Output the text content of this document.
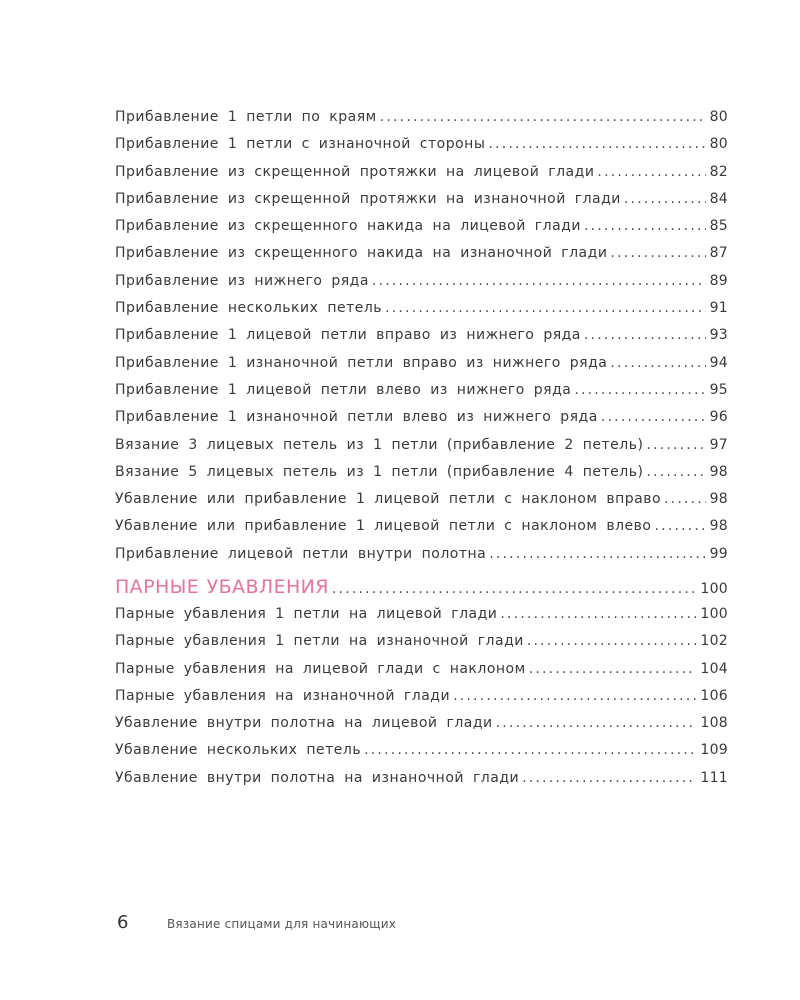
Прибавление 1 петли по краям .....	80
Прибавление 1 петли с изнаночной стороны .....	80
Прибавление из скрещенной протяжки на лицевой глади .....	82
Прибавление из скрещенной протяжки на изнаночной глади .....	84
Прибавление из скрещенного накида на лицевой глади .....	85
Прибавление из скрещенного накида на изнаночной глади .....	87
Прибавление из нижнего ряда .....	89
Прибавление нескольких петель .....	91
Прибавление 1 лицевой петли вправо из нижнего ряда .....	93
Прибавление 1 изнаночной петли вправо из нижнего ряда .....	94
Прибавление 1 лицевой петли влево из нижнего ряда .....	95
Прибавление 1 изнаночной петли влево из нижнего ряда .....	96
Вязание 3 лицевых петель из 1 петли (прибавление 2 петель) .....	97
Вязание 5 лицевых петель из 1 петли (прибавление 4 петель) .....	98
Убавление или прибавление 1 лицевой петли с наклоном вправо .....	98
Убавление или прибавление 1 лицевой петли с наклоном влево .....	98
Прибавление лицевой петли внутри полотна .....	99
ПАРНЫЕ УБАВЛЕНИЯ .....	100
Парные убавления 1 петли на лицевой глади .....	100
Парные убавления 1 петли на изнаночной глади .....	102
Парные убавления на лицевой глади с наклоном .....	104
Парные убавления на изнаночной глади .....	106
Убавление внутри полотна на лицевой глади .....	108
Убавление нескольких петель .....	109
Убавление внутри полотна на изнаночной глади .....	111
6	Вязание спицами для начинающих
